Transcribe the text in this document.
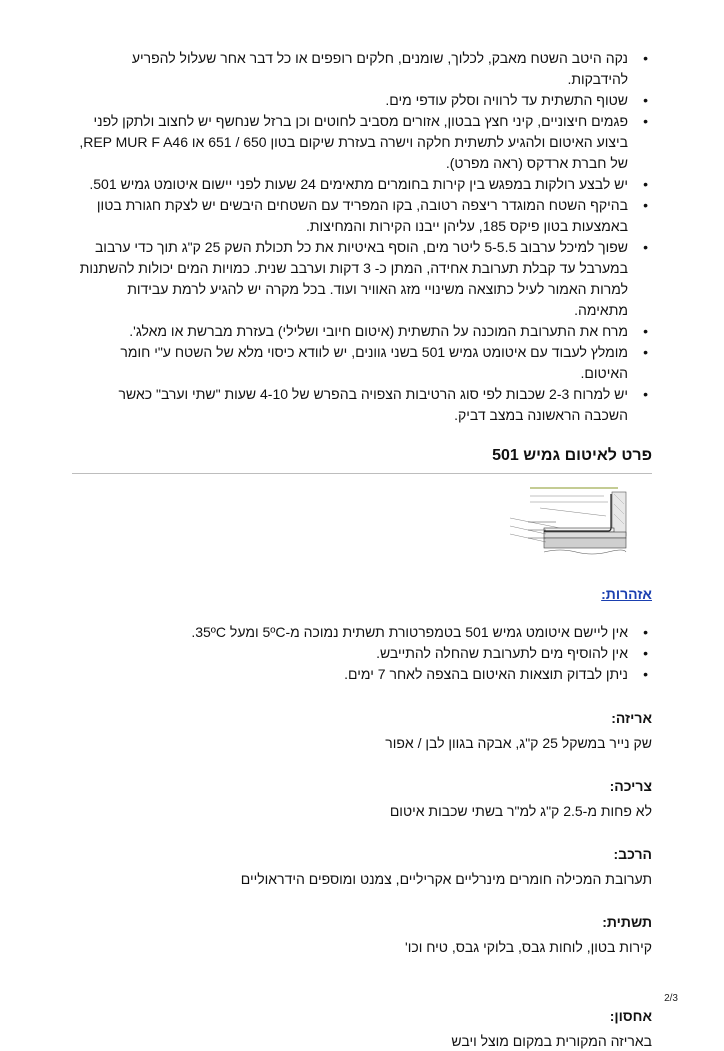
• נקה היטב השטח מאבק, לכלוך, שומנים, חלקים רופפים או כל דבר אחר שעלול להפריע להידבקות.
• שטוף התשתית עד לרוויה וסלק עודפי מים.
• פגמים חיצוניים, קיני חצץ בבטון, אזורים מסביב לחוטים וכן ברזל שנחשף יש לחצוב ולתקן לפני ביצוע האיטום ולהגיע לתשתית חלקה וישרה בעזרת שיקום בטון 650 / 651 או REP MUR F A46, של חברת ארדקס (ראה מפרט).
• יש לבצע רולקות במפגש בין קירות בחומרים מתאימים 24 שעות לפני יישום איטומט גמיש 501.
• בהיקף השטח המוגדר ריצפה רטובה, בקו המפריד עם השטחים היבשים יש לצקת חגורת בטון באמצעות בטון פיקס 185, עליהן ייבנו הקירות והמחיצות.
• שפוך למיכל ערבוב 5-5.5 ליטר מים, הוסף באיטיות את כל תכולת השק 25 ק"ג תוך כדי ערבוב במערבל עד קבלת תערובת אחידה, המתן כ- 3 דקות וערבב שנית. כמויות המים יכולות להשתנות למרות האמור לעיל כתוצאה משינויי מזג האוויר ועוד. בכל מקרה יש להגיע לרמת עבידות מתאימה.
• מרח את התערובת המוכנה על התשתית (איטום חיובי ושלילי) בעזרת מברשת או מאלג'.
• מומלץ לעבוד עם איטומט גמיש 501 בשני גוונים, יש לוודא כיסוי מלא של השטח ע"י חומר האיטום.
• יש למרוח 2-3 שכבות לפי סוג הרטיבות הצפויה בהפרש של 4-10 שעות "שתי וערב" כאשר השכבה הראשונה במצב דביק.
פרט לאיטום גמיש 501
אזהרות:
• אין ליישם איטומט גמיש 501 בטמפרטורת תשתית נמוכה מ-5ºC ומעל 35ºC.
• אין להוסיף מים לתערובת שהחלה להתייבש.
• ניתן לבדוק תוצאות האיטום בהצפה לאחר 7 ימים.

אריזה:

שק נייר במשקל 25 ק"ג, אבקה בגוון לבן / אפור

צריכה:

לא פחות מ-2.5 ק"ג למ"ר בשתי שכבות איטום

הרכב:

תערובת המכילה חומרים מינרליים אקריליים, צמנט ומוספים הידראוליים

תשתית:

קירות בטון, לוחות גבס, בלוקי גבס, טיח וכו'

אחסון:

באריזה המקורית במקום מוצל ויבש

2/3
